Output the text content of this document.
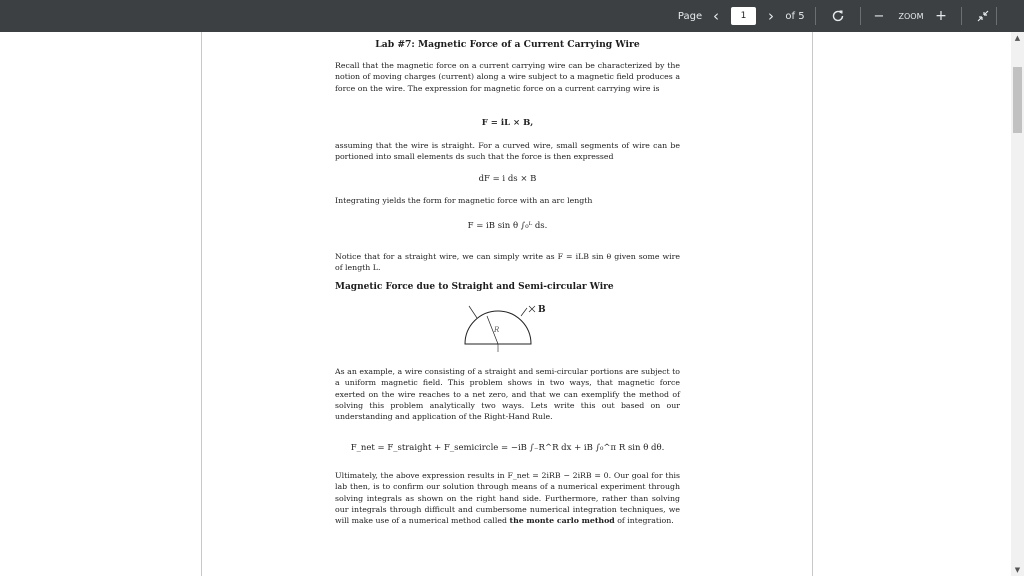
Page ‹	1	› of 5	−	ZOOM +
Lab #7: Magnetic Force of a Current Carrying Wire
Recall that the magnetic force on a current carrying wire can be characterized by the notion of moving charges (current) along a wire subject to a magnetic field produces a force on the wire. The expression for magnetic force on a current carrying wire is
F = iL × B,
assuming that the wire is straight. For a curved wire, small segments of wire can be portioned into small elements ds such that the force is then expressed
dF = i ds × B
Integrating yields the form for magnetic force with an arc length
F = iB sin θ ∫₀ᴸ ds.
Notice that for a straight wire, we can simply write as F = iLB sin θ given some wire of length L.
Magnetic Force due to Straight and Semi-circular Wire
B
R
As an example, a wire consisting of a straight and semi-circular portions are subject to a uniform magnetic field. This problem shows in two ways, that magnetic force exerted on the wire reaches to a net zero, and that we can exemplify the method of solving this problem analytically two ways. Lets write this out based on our understanding and application of the Right-Hand Rule.
F_net = F_straight + F_semicircle = −iB ∫₋R^R dx + iB ∫₀^π R sin θ dθ.
Ultimately, the above expression results in F_net = 2iRB − 2iRB = 0. Our goal for this lab then, is to confirm our solution through means of a numerical experiment through solving integrals as shown on the right hand side. Furthermore, rather than solving our integrals through difficult and cumbersome numerical integration techniques, we will make use of a numerical method called the monte carlo method of integration.
▲
▼
